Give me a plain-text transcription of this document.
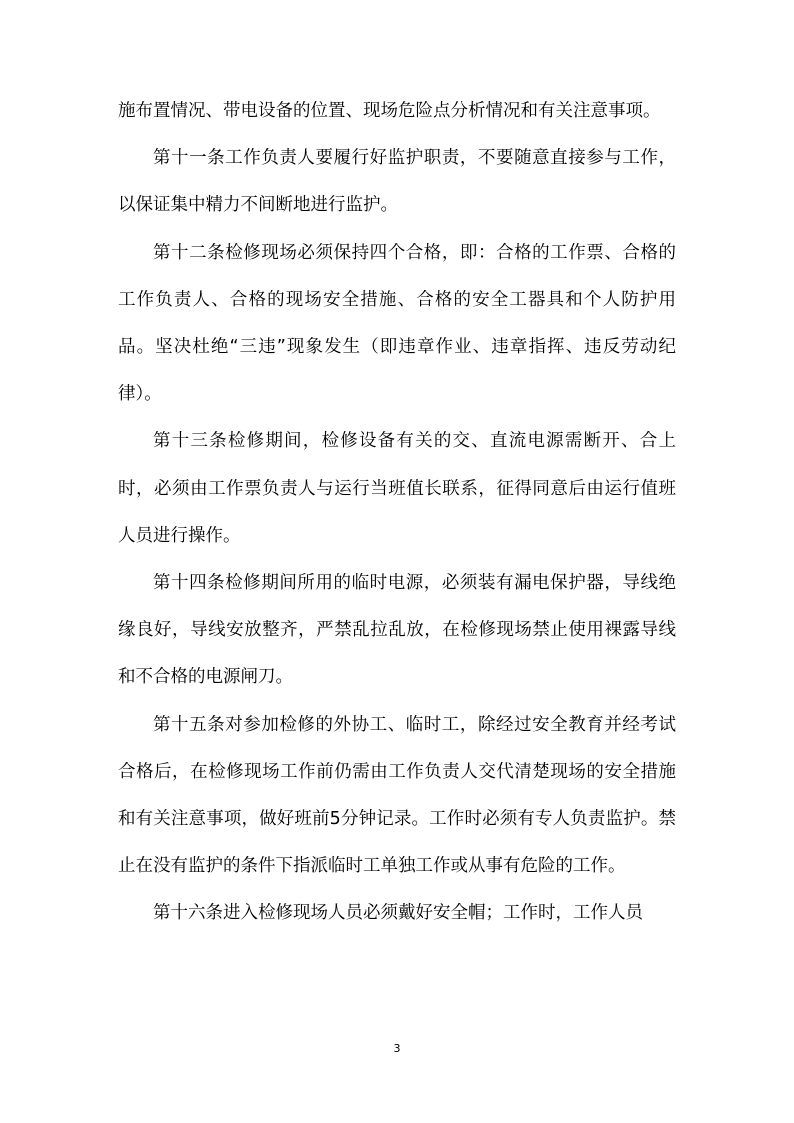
施布置情况、带电设备的位置、现场危险点分析情况和有关注意事项。

第十一条工作负责人要履行好监护职责，不要随意直接参与工作，以保证集中精力不间断地进行监护。

第十二条检修现场必须保持四个合格，即：合格的工作票、合格的工作负责人、合格的现场安全措施、合格的安全工器具和个人防护用品。坚决杜绝“三违”现象发生（即违章作业、违章指挥、违反劳动纪律）。

第十三条检修期间，检修设备有关的交、直流电源需断开、合上时，必须由工作票负责人与运行当班值长联系，征得同意后由运行值班人员进行操作。

第十四条检修期间所用的临时电源，必须装有漏电保护器，导线绝缘良好，导线安放整齐，严禁乱拉乱放，在检修现场禁止使用裸露导线和不合格的电源闸刀。

第十五条对参加检修的外协工、临时工，除经过安全教育并经考试合格后，在检修现场工作前仍需由工作负责人交代清楚现场的安全措施和有关注意事项，做好班前5分钟记录。工作时必须有专人负责监护。禁止在没有监护的条件下指派临时工单独工作或从事有危险的工作。

第十六条进入检修现场人员必须戴好安全帽；工作时，工作人员

3
